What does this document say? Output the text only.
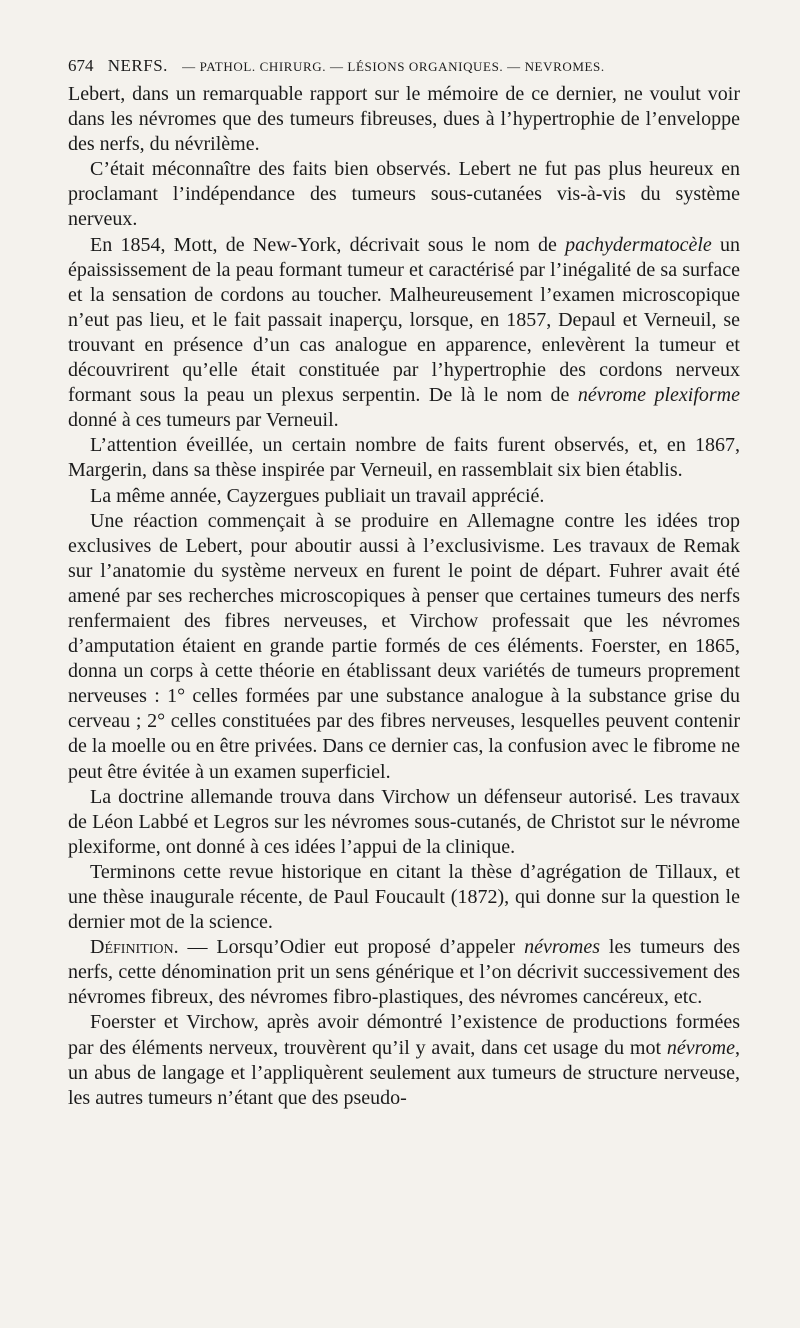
674 NERFS. — PATHOL. CHIRURG. — LÉSIONS ORGANIQUES. — NEVROMES.

Lebert, dans un remarquable rapport sur le mémoire de ce dernier, ne voulut voir dans les névromes que des tumeurs fibreuses, dues à l’hypertrophie de l’enveloppe des nerfs, du névrilème.

C’était méconnaître des faits bien observés. Lebert ne fut pas plus heureux en proclamant l’indépendance des tumeurs sous-cutanées vis-à-vis du système nerveux.

En 1854, Mott, de New-York, décrivait sous le nom de pachydermatocèle un épaississement de la peau formant tumeur et caractérisé par l’inégalité de sa surface et la sensation de cordons au toucher. Malheureusement l’examen microscopique n’eut pas lieu, et le fait passait inaperçu, lorsque, en 1857, Depaul et Verneuil, se trouvant en présence d’un cas analogue en apparence, enlevèrent la tumeur et découvrirent qu’elle était constituée par l’hypertrophie des cordons nerveux formant sous la peau un plexus serpentin. De là le nom de névrome plexiforme donné à ces tumeurs par Verneuil.

L’attention éveillée, un certain nombre de faits furent observés, et, en 1867, Margerin, dans sa thèse inspirée par Verneuil, en rassemblait six bien établis.

La même année, Cayzergues publiait un travail apprécié.

Une réaction commençait à se produire en Allemagne contre les idées trop exclusives de Lebert, pour aboutir aussi à l’exclusivisme. Les travaux de Remak sur l’anatomie du système nerveux en furent le point de départ. Fuhrer avait été amené par ses recherches microscopiques à penser que certaines tumeurs des nerfs renfermaient des fibres nerveuses, et Virchow professait que les névromes d’amputation étaient en grande partie formés de ces éléments. Foerster, en 1865, donna un corps à cette théorie en établissant deux variétés de tumeurs proprement nerveuses : 1° celles formées par une substance analogue à la substance grise du cerveau ; 2° celles constituées par des fibres nerveuses, lesquelles peuvent contenir de la moelle ou en être privées. Dans ce dernier cas, la confusion avec le fibrome ne peut être évitée à un examen superficiel.

La doctrine allemande trouva dans Virchow un défenseur autorisé. Les travaux de Léon Labbé et Legros sur les névromes sous-cutanés, de Christot sur le névrome plexiforme, ont donné à ces idées l’appui de la clinique.

Terminons cette revue historique en citant la thèse d’agrégation de Tillaux, et une thèse inaugurale récente, de Paul Foucault (1872), qui donne sur la question le dernier mot de la science.

Définition. — Lorsqu’Odier eut proposé d’appeler névromes les tumeurs des nerfs, cette dénomination prit un sens générique et l’on décrivit successivement des névromes fibreux, des névromes fibro-plastiques, des névromes cancéreux, etc.

Foerster et Virchow, après avoir démontré l’existence de productions formées par des éléments nerveux, trouvèrent qu’il y avait, dans cet usage du mot névrome, un abus de langage et l’appliquèrent seulement aux tumeurs de structure nerveuse, les autres tumeurs n’étant que des pseudo-
